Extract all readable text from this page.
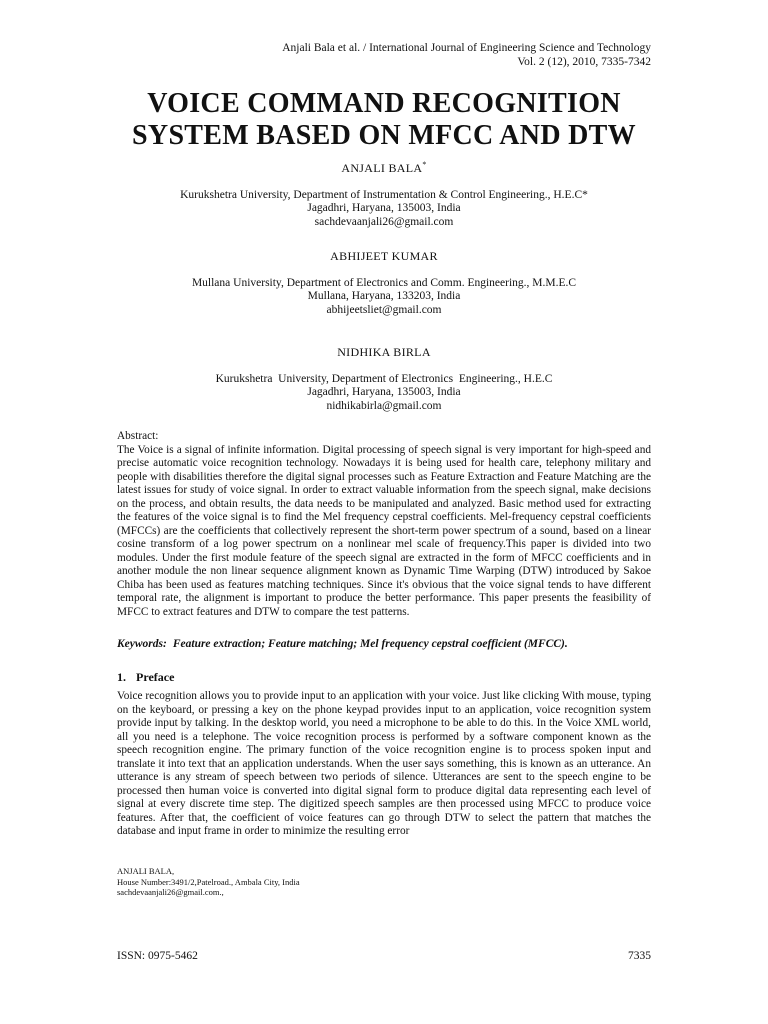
Anjali Bala et al. / International Journal of Engineering Science and Technology
Vol. 2 (12), 2010, 7335-7342
VOICE COMMAND RECOGNITION
SYSTEM BASED ON MFCC AND DTW
ANJALI BALA*
Kurukshetra University, Department of Instrumentation & Control Engineering., H.E.C*
Jagadhri, Haryana, 135003, India
sachdevaanjali26@gmail.com
ABHIJEET KUMAR
Mullana University, Department of Electronics and Comm. Engineering., M.M.E.C
Mullana, Haryana, 133203, India
abhijeetsliet@gmail.com
NIDHIKA BIRLA
Kurukshetra  University, Department of Electronics  Engineering., H.E.C
Jagadhri, Haryana, 135003, India
nidhikabirla@gmail.com
Abstract:
The Voice is a signal of infinite information. Digital processing of speech signal is very important for high-speed and precise automatic voice recognition technology. Nowadays it is being used for health care, telephony military and people with disabilities therefore the digital signal processes such as Feature Extraction and Feature Matching are the latest issues for study of voice signal. In order to extract valuable information from the speech signal, make decisions on the process, and obtain results, the data needs to be manipulated and analyzed. Basic method used for extracting the features of the voice signal is to find the Mel frequency cepstral coefficients. Mel-frequency cepstral coefficients (MFCCs) are the coefficients that collectively represent the short-term power spectrum of a sound, based on a linear cosine transform of a log power spectrum on a nonlinear mel scale of frequency.This paper is divided into two modules. Under the first module feature of the speech signal are extracted in the form of MFCC coefficients and in another module the non linear sequence alignment known as Dynamic Time Warping (DTW) introduced by Sakoe Chiba has been used as features matching techniques. Since it's obvious that the voice signal tends to have different temporal rate, the alignment is important to produce the better performance. This paper presents the feasibility of MFCC to extract features and DTW to compare the test patterns.
Keywords: Feature extraction; Feature matching; Mel frequency cepstral coefficient (MFCC).
1. Preface
Voice recognition allows you to provide input to an application with your voice. Just like clicking With mouse, typing on the keyboard, or pressing a key on the phone keypad provides input to an application, voice recognition system provide input by talking. In the desktop world, you need a microphone to be able to do this. In the Voice XML world, all you need is a telephone. The voice recognition process is performed by a software component known as the speech recognition engine. The primary function of the voice recognition engine is to process spoken input and translate it into text that an application understands. When the user says something, this is known as an utterance. An utterance is any stream of speech between two periods of silence. Utterances are sent to the speech engine to be processed then human voice is converted into digital signal form to produce digital data representing each level of signal at every discrete time step. The digitized speech samples are then processed using MFCC to produce voice features. After that, the coefficient of voice features can go through DTW to select the pattern that matches the database and input frame in order to minimize the resulting error
ANJALI BALA,
House Number:3491/2,Patelroad., Ambala City, India
sachdevaanjali26@gmail.com.,
ISSN: 0975-5462	7335
